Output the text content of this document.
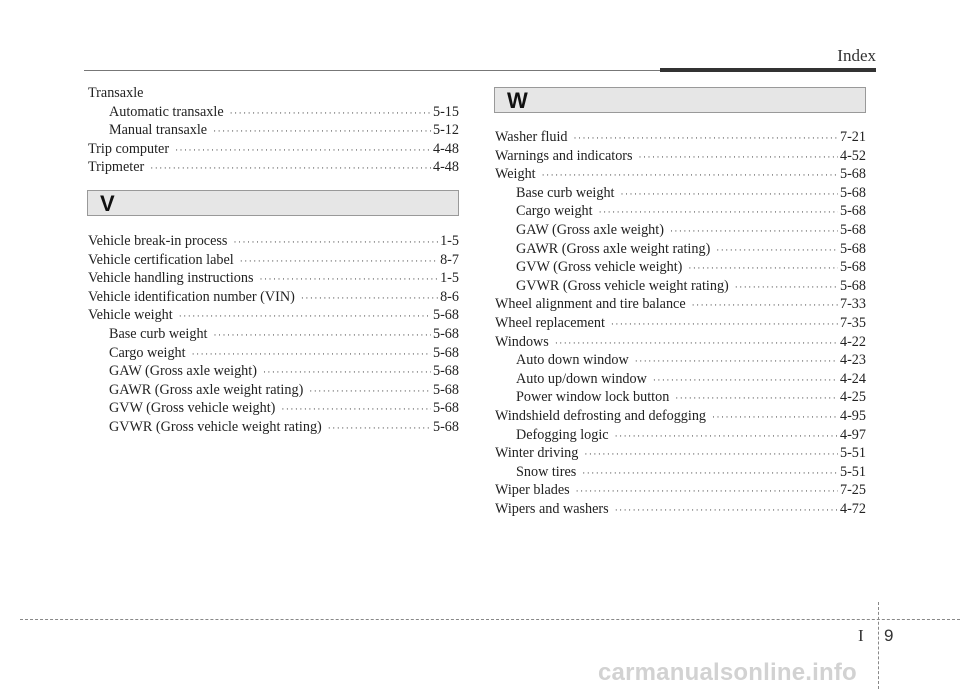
Index
Transaxle
Automatic transaxle ·····	5-15
Manual transaxle ·····	5-12
Trip computer ·····	4-48
Tripmeter ·····	4-48
V
Vehicle break-in process ·····	1-5
Vehicle certification label ·····	8-7
Vehicle handling instructions ·····	1-5
Vehicle identification number (VIN) ·····	8-6
Vehicle weight ·····	5-68
Base curb weight ·····	5-68
Cargo weight ·····	5-68
GAW (Gross axle weight) ·····	5-68
GAWR (Gross axle weight rating) ·····	5-68
GVW (Gross vehicle weight) ·····	5-68
GVWR (Gross vehicle weight rating) ·····	5-68
W
Washer fluid ·····	7-21
Warnings and indicators ·····	4-52
Weight ·····	5-68
Base curb weight ·····	5-68
Cargo weight ·····	5-68
GAW (Gross axle weight) ·····	5-68
GAWR (Gross axle weight rating) ·····	5-68
GVW (Gross vehicle weight) ·····	5-68
GVWR (Gross vehicle weight rating) ·····	5-68
Wheel alignment and tire balance ·····	7-33
Wheel replacement ·····	7-35
Windows ·····	4-22
Auto down window ·····	4-23
Auto up/down window ·····	4-24
Power window lock button ·····	4-25
Windshield defrosting and defogging ·····	4-95
Defogging logic ·····	4-97
Winter driving ·····	5-51
Snow tires ·····	5-51
Wiper blades ·····	7-25
Wipers and washers ·····	4-72
I 9
carmanualsonline.info
